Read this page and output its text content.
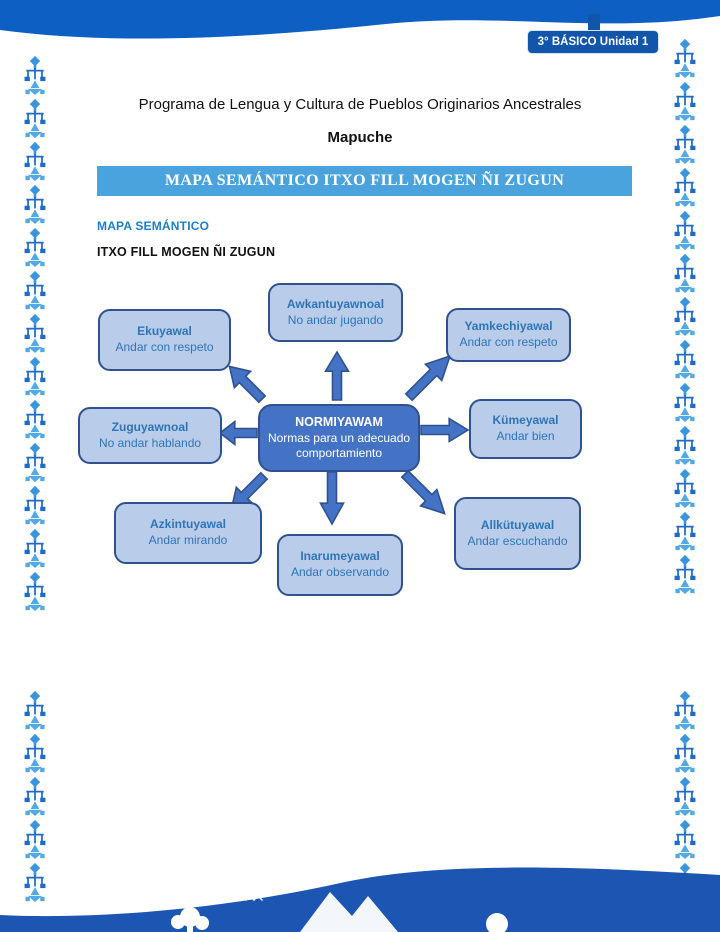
3° BÁSICO Unidad 1
Programa de Lengua y Cultura de Pueblos Originarios Ancestrales
Mapuche
MAPA SEMÁNTICO ITXO FILL MOGEN ÑI ZUGUN
MAPA SEMÁNTICO
ITXO FILL MOGEN ÑI ZUGUN
Ekuyawal
Andar con respeto
Awkantuyawnoal
No andar jugando	Yamkechiyawal
Andar con respeto
Zuguyawnoal
No andar hablando
Kümeyawal
Andar bien
Azkintuyawal
Andar mirando
Inarumeyawal
Andar observando
Allkütuyawal
Andar escuchando
NORMIYAWAM
Normas para un adecuado comportamiento
